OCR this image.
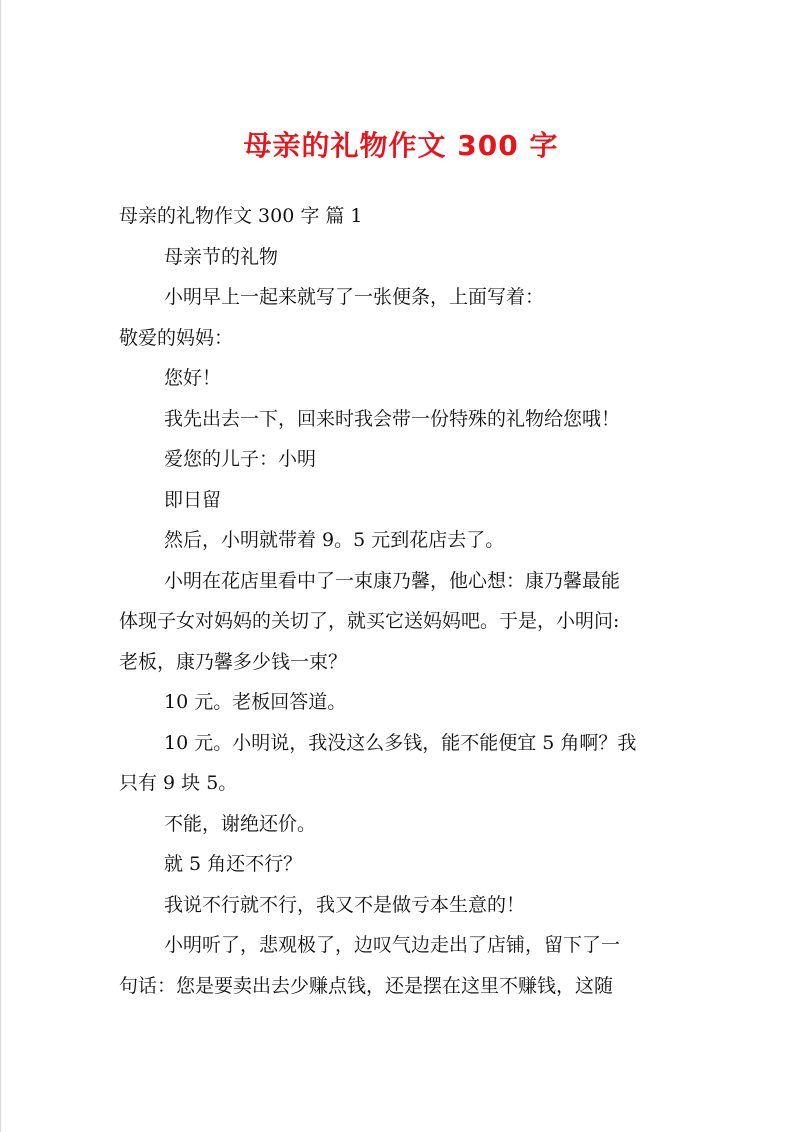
母亲的礼物作文 300 字
母亲的礼物作文 300 字 篇 1
母亲节的礼物
小明早上一起来就写了一张便条，上面写着：
敬爱的妈妈：
您好！
我先出去一下，回来时我会带一份特殊的礼物给您哦！
爱您的儿子：小明
即日留
然后，小明就带着 9。5 元到花店去了。
小明在花店里看中了一束康乃馨，他心想：康乃馨最能
体现子女对妈妈的关切了，就买它送妈妈吧。于是，小明问:
老板，康乃馨多少钱一束？
10 元。老板回答道。
10 元。小明说，我没这么多钱，能不能便宜 5 角啊？我
只有 9 块 5。
不能，谢绝还价。
就 5 角还不行？
我说不行就不行，我又不是做亏本生意的！
小明听了，悲观极了，边叹气边走出了店铺，留下了一
句话：您是要卖出去少赚点钱，还是摆在这里不赚钱，这随
